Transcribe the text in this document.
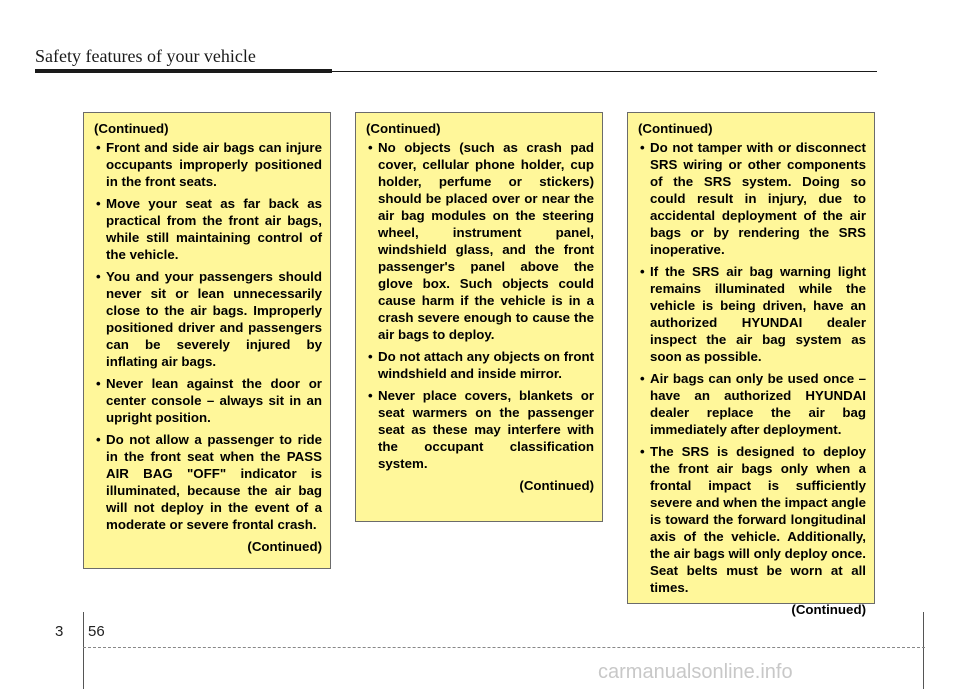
Safety features of your vehicle
(Continued)
• Front and side air bags can injure occupants improperly positioned in the front seats.
• Move your seat as far back as practical from the front air bags, while still maintaining control of the vehicle.
• You and your passengers should never sit or lean unnecessarily close to the air bags. Improperly positioned driver and passengers can be severely injured by inflating air bags.
• Never lean against the door or center console – always sit in an upright position.
• Do not allow a passenger to ride in the front seat when the PASS AIR BAG "OFF" indicator is illuminated, because the air bag will not deploy in the event of a moderate or severe frontal crash.
(Continued)
(Continued)
• No objects (such as crash pad cover, cellular phone holder, cup holder, perfume or stickers) should be placed over or near the air bag modules on the steering wheel, instrument panel, windshield glass, and the front passenger's panel above the glove box. Such objects could cause harm if the vehicle is in a crash severe enough to cause the air bags to deploy.
• Do not attach any objects on front windshield and inside mirror.
• Never place covers, blankets or seat warmers on the passenger seat as these may interfere with the occupant classification system.
(Continued)
(Continued)
• Do not tamper with or disconnect SRS wiring or other components of the SRS system. Doing so could result in injury, due to accidental deployment of the air bags or by rendering the SRS inoperative.
• If the SRS air bag warning light remains illuminated while the vehicle is being driven, have an authorized HYUNDAI dealer inspect the air bag system as soon as possible.
• Air bags can only be used once – have an authorized HYUNDAI dealer replace the air bag immediately after deployment.
• The SRS is designed to deploy the front air bags only when a frontal impact is sufficiently severe and when the impact angle is toward the forward longitudinal axis of the vehicle. Additionally, the air bags will only deploy once. Seat belts must be worn at all times.
(Continued)
3 56
carmanualsonline.info
